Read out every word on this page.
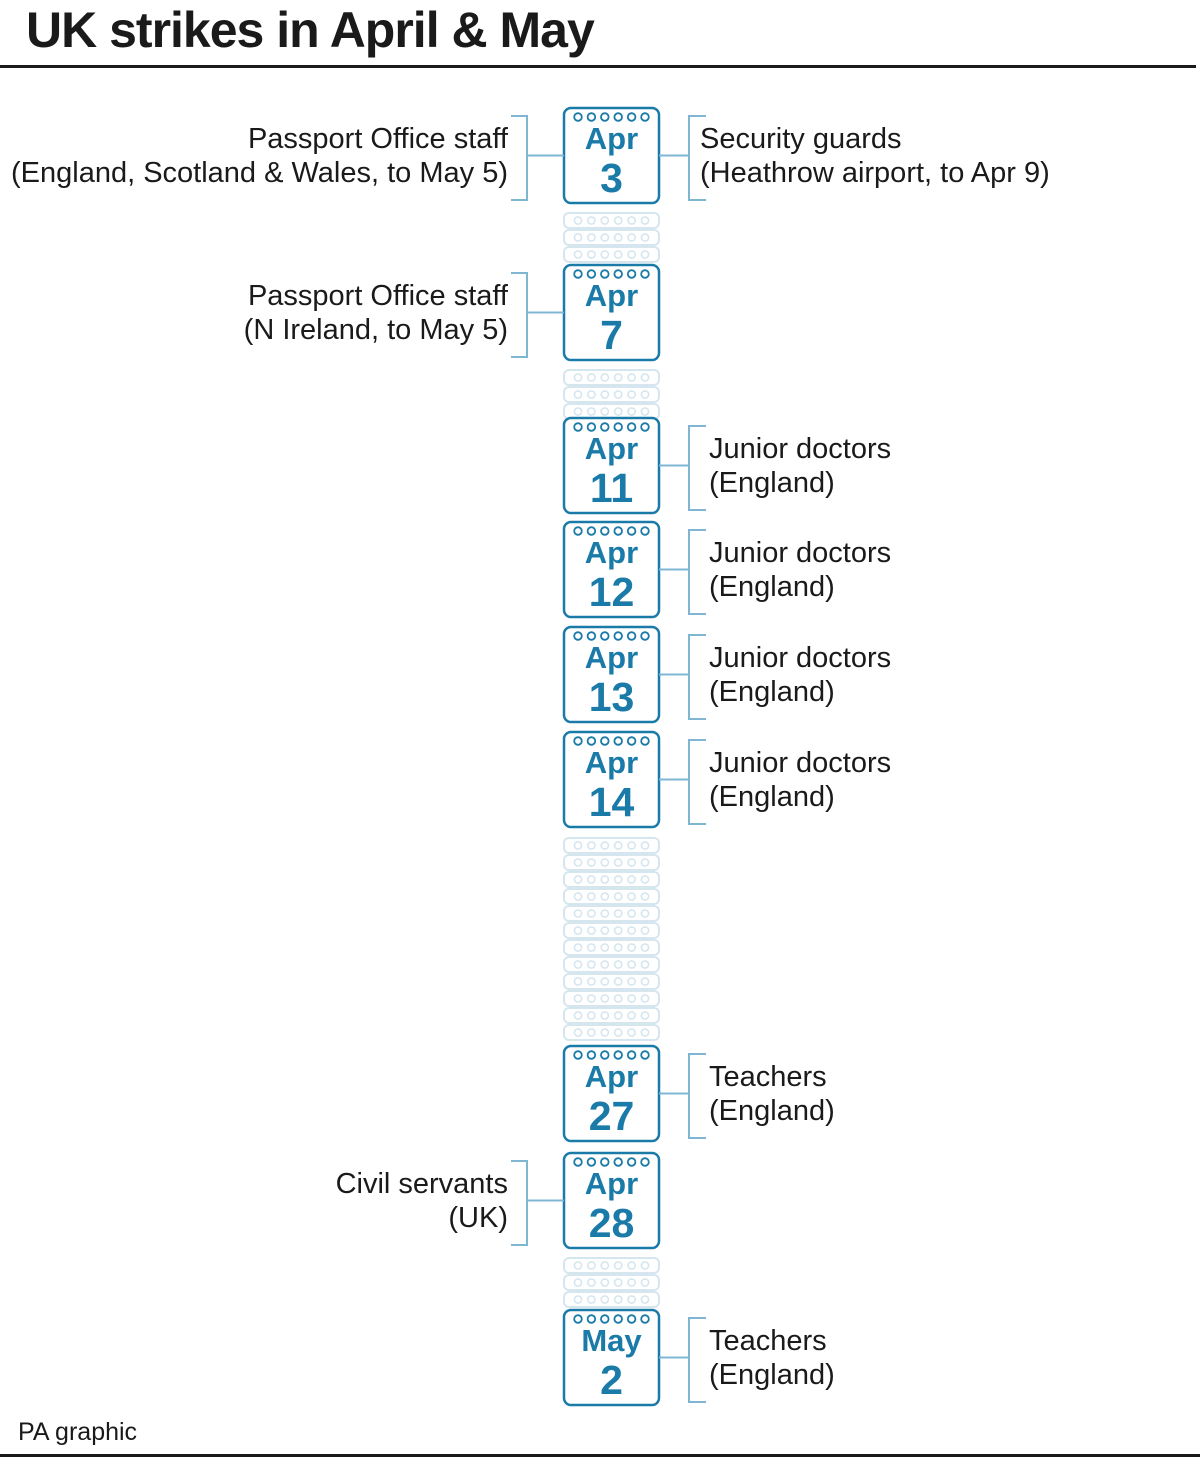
UK strikes in April & May
Apr
3
Apr
7
Apr
11
Apr
12
Apr
13
Apr
14
Apr
27
Apr
28
May
2
Passport Office staff
(England, Scotland & Wales, to May 5)
Security guards
(Heathrow airport, to Apr 9)
Passport Office staff
(N Ireland, to May 5)
Junior doctors
(England)
Junior doctors
(England)
Junior doctors
(England)
Junior doctors
(England)
Teachers
(England)
Civil servants
(UK)
Teachers
(England)
PA graphic
